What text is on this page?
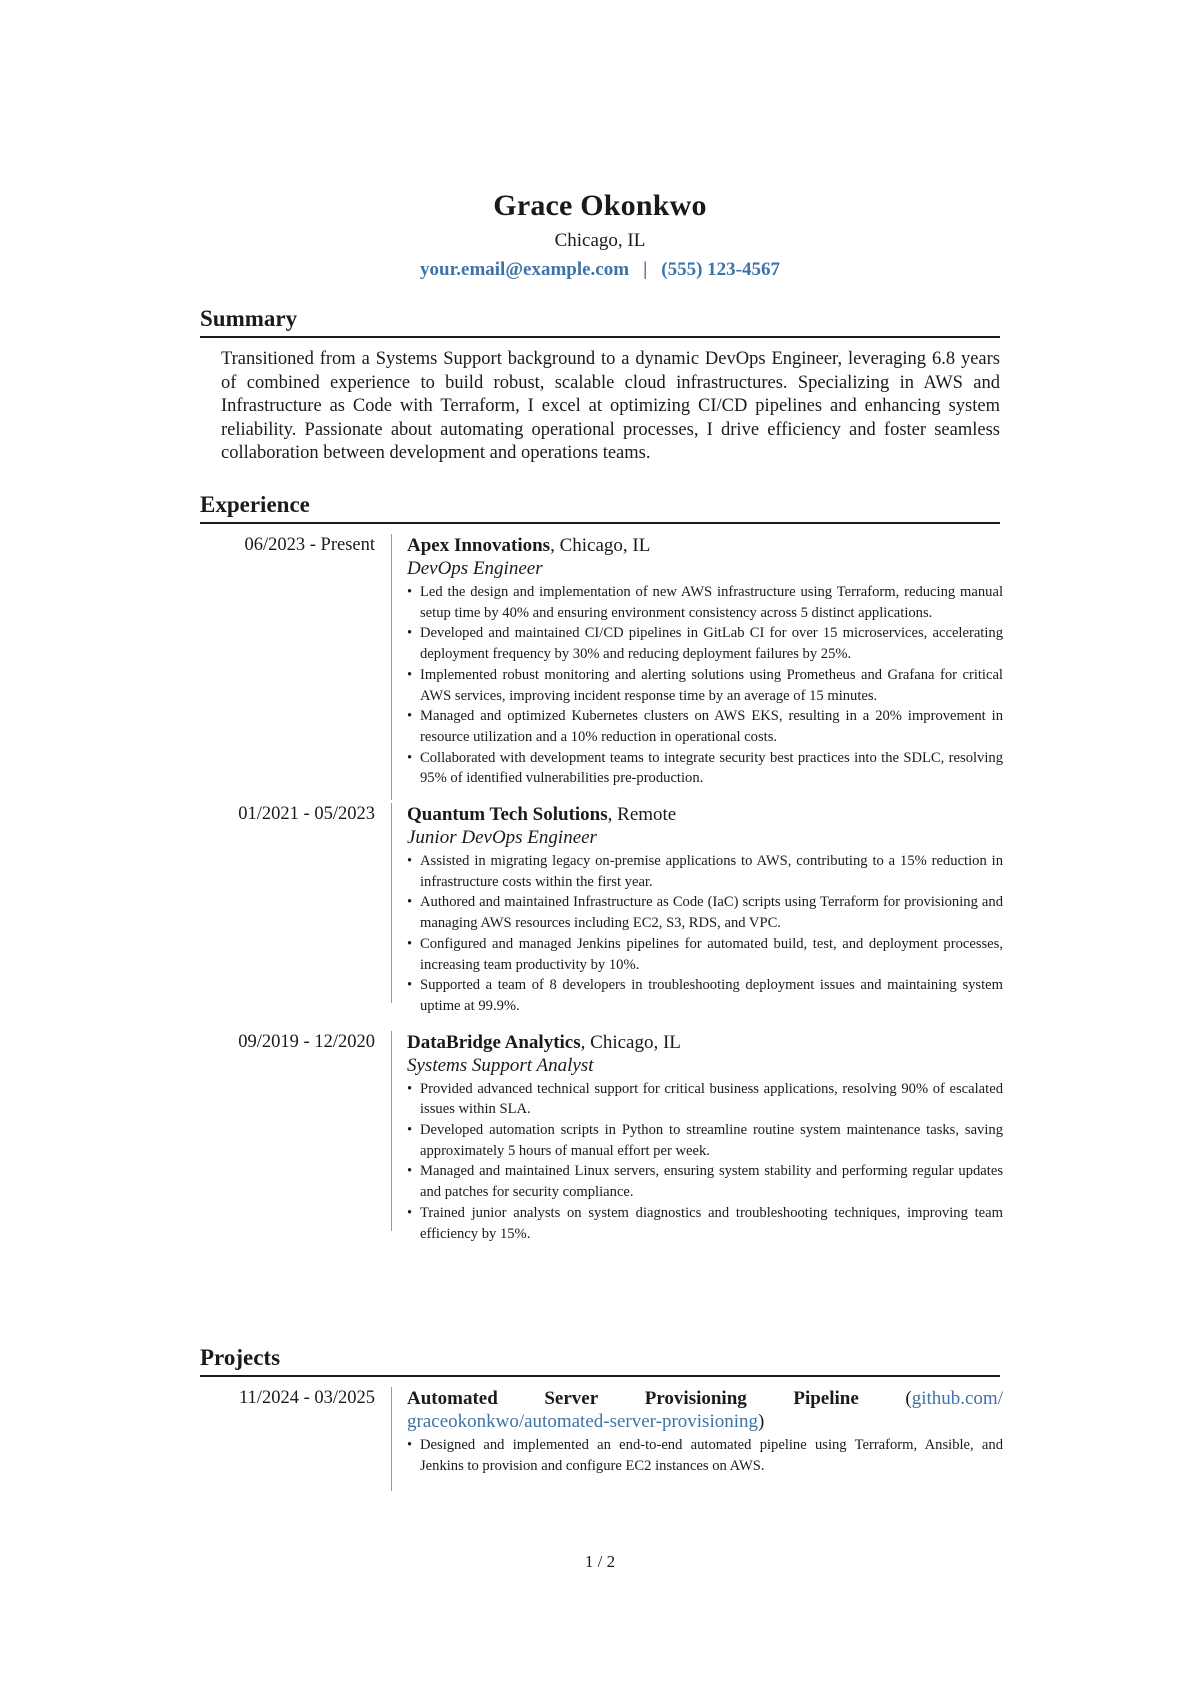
Grace Okonkwo
Chicago, IL
your.email@example.com | (555) 123-4567
Summary
Transitioned from a Systems Support background to a dynamic DevOps Engineer, leveraging 6.8 years of combined experience to build robust, scalable cloud infrastructures. Specializing in AWS and Infrastructure as Code with Terraform, I excel at optimizing CI/CD pipelines and enhancing system reliability. Passionate about automating operational processes, I drive efficiency and foster seamless collaboration between development and operations teams.
Experience
06/2023 - Present Apex Innovations, Chicago, IL
DevOps Engineer
• Led the design and implementation of new AWS infrastructure using Terraform, reducing manual setup time by 40% and ensuring environment consistency across 5 distinct applications.
• Developed and maintained CI/CD pipelines in GitLab CI for over 15 microservices, accelerating deployment frequency by 30% and reducing deployment failures by 25%.
• Implemented robust monitoring and alerting solutions using Prometheus and Grafana for critical AWS services, improving incident response time by an average of 15 minutes.
• Managed and optimized Kubernetes clusters on AWS EKS, resulting in a 20% improvement in resource utilization and a 10% reduction in operational costs.
• Collaborated with development teams to integrate security best practices into the SDLC, resolving 95% of identified vulnerabilities pre-production.
01/2021 - 05/2023 Quantum Tech Solutions, Remote
Junior DevOps Engineer
• Assisted in migrating legacy on-premise applications to AWS, contributing to a 15% reduction in infrastructure costs within the first year.
• Authored and maintained Infrastructure as Code (IaC) scripts using Terraform for provisioning and managing AWS resources including EC2, S3, RDS, and VPC.
• Configured and managed Jenkins pipelines for automated build, test, and deployment processes, increasing team productivity by 10%.
• Supported a team of 8 developers in troubleshooting deployment issues and maintaining system uptime at 99.9%.
09/2019 - 12/2020 DataBridge Analytics, Chicago, IL
Systems Support Analyst
• Provided advanced technical support for critical business applications, resolving 90% of escalated issues within SLA.
• Developed automation scripts in Python to streamline routine system maintenance tasks, saving approximately 5 hours of manual effort per week.
• Managed and maintained Linux servers, ensuring system stability and performing regular updates and patches for security compliance.
• Trained junior analysts on system diagnostics and troubleshooting techniques, improving team efficiency by 15%.
Projects
11/2024 - 03/2025 Automated Server Provisioning Pipeline (github.com/
graceokonkwo/automated-server-provisioning)
• Designed and implemented an end-to-end automated pipeline using Terraform, Ansible, and Jenkins to provision and configure EC2 instances on AWS.
1 / 2
